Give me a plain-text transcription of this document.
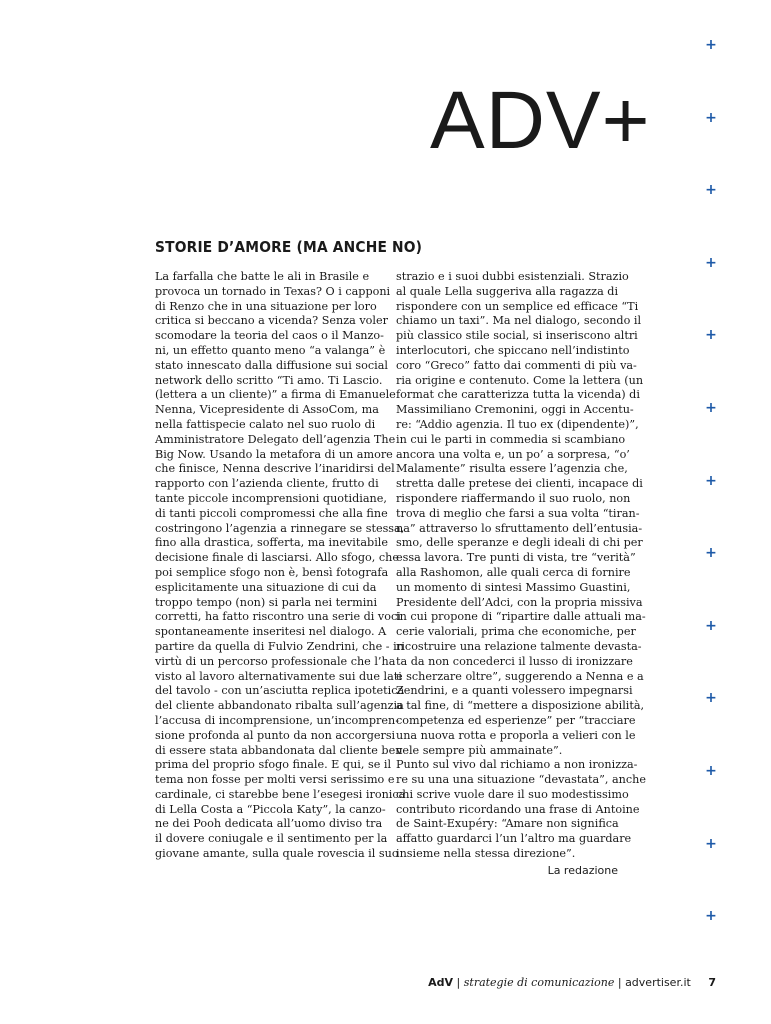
ADV+
+
+
+
+
+
+
+
+
+
+
+
+
+
STORIE D’AMORE (MA ANCHE NO)
La farfalla che batte le ali in Brasile e
provoca un tornado in Texas? O i capponi
di Renzo che in una situazione per loro
critica si beccano a vicenda? Senza voler
scomodare la teoria del caos o il Manzo-
ni, un effetto quanto meno “a valanga” è
stato innescato dalla diffusione sui social
network dello scritto “Ti amo. Ti Lascio.
(lettera a un cliente)” a firma di Emanuele
Nenna, Vicepresidente di AssoCom, ma
nella fattispecie calato nel suo ruolo di
Amministratore Delegato dell’agenzia The
Big Now. Usando la metafora di un amore
che finisce, Nenna descrive l’inaridirsi del
rapporto con l’azienda cliente, frutto di
tante piccole incomprensioni quotidiane,
di tanti piccoli compromessi che alla fine
costringono l’agenzia a rinnegare se stessa,
fino alla drastica, sofferta, ma inevitabile
decisione finale di lasciarsi. Allo sfogo, che
poi semplice sfogo non è, bensì fotografa
esplicitamente una situazione di cui da
troppo tempo (non) si parla nei termini
corretti, ha fatto riscontro una serie di voci
spontaneamente inseritesi nel dialogo. A
partire da quella di Fulvio Zendrini, che - in
virtù di un percorso professionale che l’ha
visto al lavoro alternativamente sui due lati
del tavolo - con un’asciutta replica ipotetica
del cliente abbandonato ribalta sull’agenzia
l’accusa di incomprensione, un’incompren-
sione profonda al punto da non accorgersi
di essere stata abbandonata dal cliente ben
prima del proprio sfogo finale. E qui, se il
tema non fosse per molti versi serissimo e
cardinale, ci starebbe bene l’esegesi ironica
di Lella Costa a “Piccola Katy”, la canzo-
ne dei Pooh dedicata all’uomo diviso tra
il dovere coniugale e il sentimento per la
giovane amante, sulla quale rovescia il suo
strazio e i suoi dubbi esistenziali. Strazio
al quale Lella suggeriva alla ragazza di
rispondere con un semplice ed efficace “Ti
chiamo un taxi”. Ma nel dialogo, secondo il
più classico stile social, si inseriscono altri
interlocutori, che spiccano nell’indistinto
coro “Greco” fatto dai commenti di più va-
ria origine e contenuto. Come la lettera (un
format che caratterizza tutta la vicenda) di
Massimiliano Cremonini, oggi in Accentu-
re: “Addio agenzia. Il tuo ex (dipendente)”,
in cui le parti in commedia si scambiano
ancora una volta e, un po’ a sorpresa, “o’
Malamente” risulta essere l’agenzia che,
stretta dalle pretese dei clienti, incapace di
rispondere riaffermando il suo ruolo, non
trova di meglio che farsi a sua volta “tiran-
na” attraverso lo sfruttamento dell’entusia-
smo, delle speranze e degli ideali di chi per
essa lavora. Tre punti di vista, tre “verità”
alla Rashomon, alle quali cerca di fornire
un momento di sintesi Massimo Guastini,
Presidente dell’Adci, con la propria missiva
in cui propone di “ripartire dalle attuali ma-
cerie valoriali, prima che economiche, per
ricostruire una relazione talmente devasta-
ta da non concederci il lusso di ironizzare
e scherzare oltre”, suggerendo a Nenna e a
Zendrini, e a quanti volessero impegnarsi
a tal fine, di “mettere a disposizione abilità,
competenza ed esperienze” per “tracciare
una nuova rotta e proporla a velieri con le
vele sempre più ammainate”.
Punto sul vivo dal richiamo a non ironizza-
re su una una situazione “devastata”, anche
chi scrive vuole dare il suo modestissimo
contributo ricordando una frase di Antoine
de Saint-Exupéry: “Amare non significa
affatto guardarci l’un l’altro ma guardare
insieme nella stessa direzione”.
La redazione
AdV | strategie di comunicazione | advertiser.it 7
